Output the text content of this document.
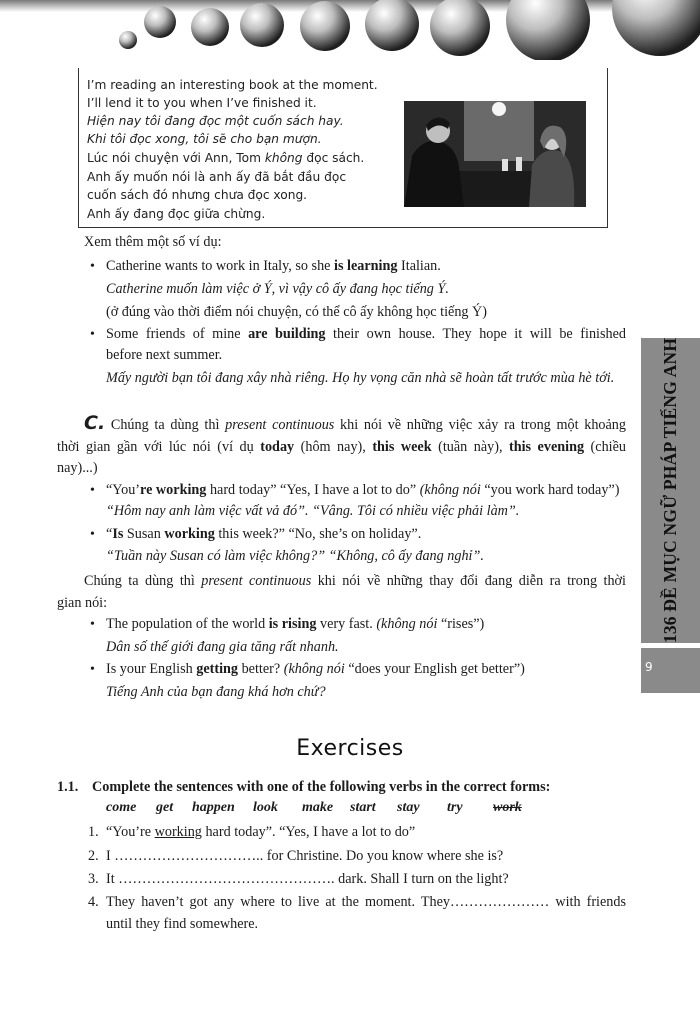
I’m reading an interesting book at the moment.
I’ll lend it to you when I’ve finished it.
Hiện nay tôi đang đọc một cuốn sách hay.
Khi tôi đọc xong, tôi sẽ cho bạn mượn.
Lúc nói chuyện với Ann, Tom không đọc sách.
Anh ấy muốn nói là anh ấy đã bắt đầu đọc
cuốn sách đó nhưng chưa đọc xong.
Anh ấy đang đọc giữa chừng.
Xem thêm một số ví dụ:
• Catherine wants to work in Italy, so she is learning Italian.
Catherine muốn làm việc ở Ý, vì vậy cô ấy đang học tiếng Ý.
(ở đúng vào thời điểm nói chuyện, có thể cô ấy không học tiếng Ý)
• Some friends of mine are building their own house. They hope it will be finished
before next summer.
Mấy người bạn tôi đang xây nhà riêng. Họ hy vọng căn nhà sẽ hoàn tất trước mùa hè tới.
C. Chúng ta dùng thì present continuous khi nói về những việc xảy ra trong một khoảng
thời gian gần với lúc nói (ví dụ today (hôm nay), this week (tuần này), this evening (chiều
nay)...)
• “You’re working hard today” “Yes, I have a lot to do” (không nói “you work hard today”)
“Hôm nay anh làm việc vất vả đó”. “Vâng. Tôi có nhiều việc phải làm”.
• “Is Susan working this week?” “No, she’s on holiday”.
“Tuần này Susan có làm việc không?” “Không, cô ấy đang nghỉ”.
Chúng ta dùng thì present continuous khi nói về những thay đổi đang diễn ra trong thời
gian nói:
• The population of the world is rising very fast. (không nói “rises”)
Dân số thế giới đang gia tăng rất nhanh.
• Is your English getting better? (không nói “does your English get better”)
Tiếng Anh của bạn đang khá hơn chứ?
136 ĐỀ MỤC NGỮ PHÁP TIẾNG ANH
9
Exercises
1.1. Complete the sentences with one of the following verbs in the correct forms:
come get happen look make start stay try work
1. “You’re working hard today”. “Yes, I have a lot to do”
2. I ………………………….. for Christine. Do you know where she is?
3. It ………………………………………. dark. Shall I turn on the light?
4. They haven’t got any where to live at the moment. They………………… with friends
until they find somewhere.
